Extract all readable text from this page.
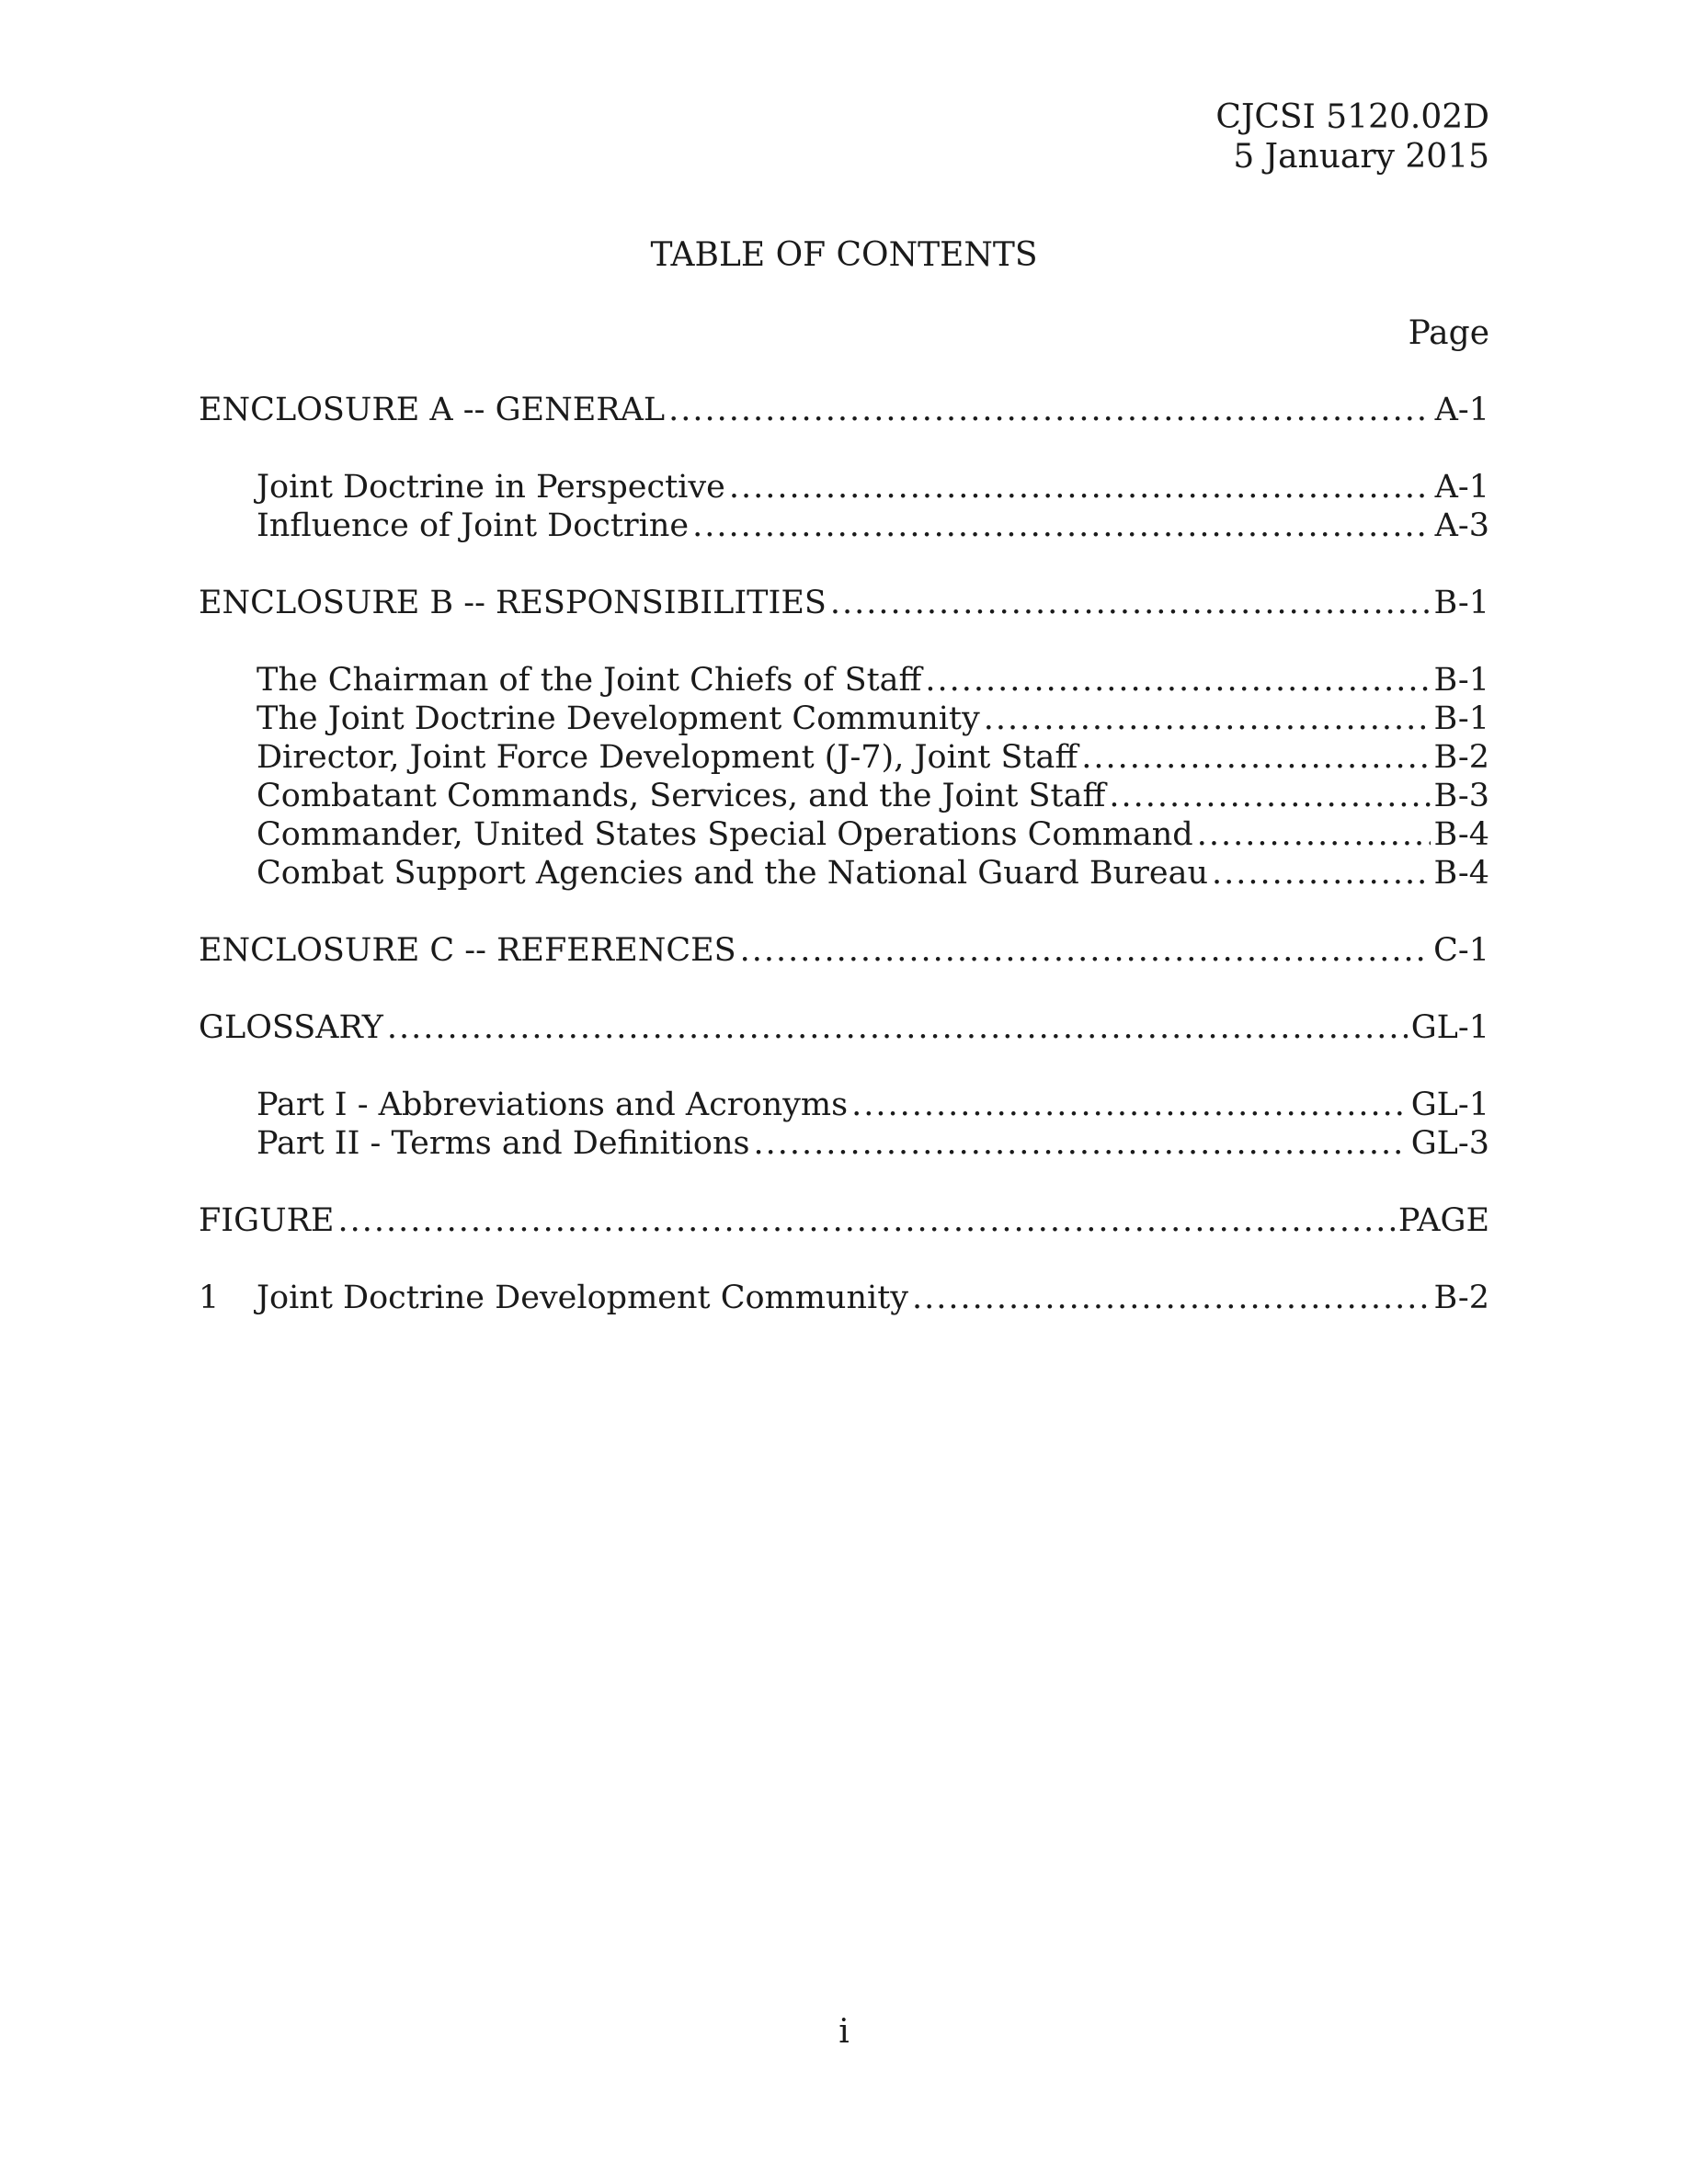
CJCSI 5120.02D
5 January 2015
TABLE OF CONTENTS
Page
ENCLOSURE A -- GENERAL .....	A-1
Joint Doctrine in Perspective .....	A-1
Influence of Joint Doctrine .....	A-3
ENCLOSURE B -- RESPONSIBILITIES .....	B-1
The Chairman of the Joint Chiefs of Staff .....	B-1
The Joint Doctrine Development Community .....	B-1
Director, Joint Force Development (J-7), Joint Staff .....	B-2
Combatant Commands, Services, and the Joint Staff .....	B-3
Commander, United States Special Operations Command .....	B-4
Combat Support Agencies and the National Guard Bureau .....	B-4
ENCLOSURE C -- REFERENCES .....	C-1
GLOSSARY .....	GL-1
Part I - Abbreviations and Acronyms .....	GL-1
Part II - Terms and Definitions .....	GL-3
FIGURE .....	PAGE
1	Joint Doctrine Development Community .....	B-2
i
